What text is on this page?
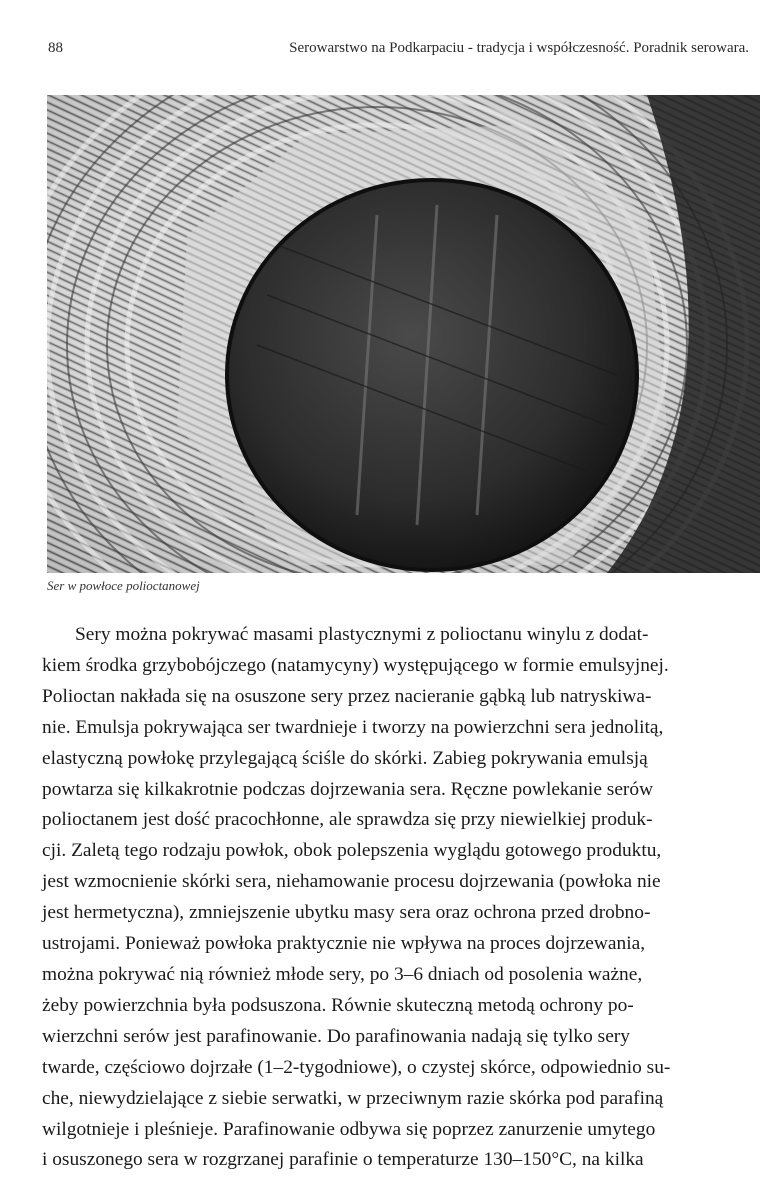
88	Serowarstwo na Podkarpaciu - tradycja i współczesność. Poradnik serowara.
Ser w powłoce polioctanowej
Sery można pokrywać masami plastycznymi z polioctanu winylu z dodat-
kiem środka grzybobójczego (natamycyny) występującego w formie emulsyjnej.
Polioctan nakłada się na osuszone sery przez nacieranie gąbką lub natryskiwa-
nie. Emulsja pokrywająca ser twardnieje i tworzy na powierzchni sera jednolitą,
elastyczną powłokę przylegającą ściśle do skórki. Zabieg pokrywania emulsją
powtarza się kilkakrotnie podczas dojrzewania sera. Ręczne powlekanie serów
polioctanem jest dość pracochłonne, ale sprawdza się przy niewielkiej produk-
cji. Zaletą tego rodzaju powłok, obok polepszenia wyglądu gotowego produktu,
jest wzmocnienie skórki sera, niehamowanie procesu dojrzewania (powłoka nie
jest hermetyczna), zmniejszenie ubytku masy sera oraz ochrona przed drobno-
ustrojami. Ponieważ powłoka praktycznie nie wpływa na proces dojrzewania,
można pokrywać nią również młode sery, po 3–6 dniach od posolenia ważne,
żeby powierzchnia była podsuszona. Równie skuteczną metodą ochrony po-
wierzchni serów jest parafinowanie. Do parafinowania nadają się tylko sery
twarde, częściowo dojrzałe (1–2-tygodniowe), o czystej skórce, odpowiednio su-
che, niewydzielające z siebie serwatki, w przeciwnym razie skórka pod parafiną
wilgotnieje i pleśnieje. Parafinowanie odbywa się poprzez zanurzenie umytego
i osuszonego sera w rozgrzanej parafinie o temperaturze 130–150°C, na kilka
